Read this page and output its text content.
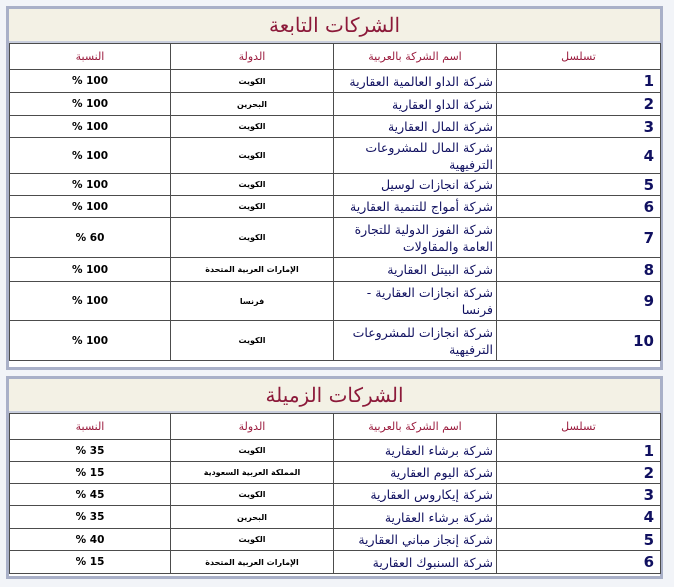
الشركات التابعة
تسلسل	اسم الشركة بالعربية	الدولة	النسبة
1	شركة الداو العالمية العقارية	الكويت	100 %
2	شركة الداو العقارية	البحرين	100 %
3	شركة المال العقارية	الكويت	100 %
4	شركة المال للمشروعات الترفيهية	الكويت	100 %
5	شركة انجازات لوسيل	الكويت	100 %
6	شركة أمواج للتنمية العقارية	الكويت	100 %
7	شركة الفوز الدولية للتجارة العامة والمقاولات	الكويت	60 %
8	شركة البيتل العقارية	الإمارات العربية المتحدة	100 %
9	شركة انجازات العقارية - فرنسا	فرنسا	100 %
10	شركة انجازات للمشروعات الترفيهية	الكويت	100 %
الشركات الزميلة
تسلسل	اسم الشركة بالعربية	الدولة	النسبة
1	شركة برشاء العقارية	الكويت	35 %
2	شركة اليوم العقارية	المملكة العربية السعودية	15 %
3	شركة إيكاروس العقارية	الكويت	45 %
4	شركة برشاء العقارية	البحرين	35 %
5	شركة إنجاز مباني العقارية	الكويت	40 %
6	شركة السنبوك العقارية	الإمارات العربية المتحدة	15 %
